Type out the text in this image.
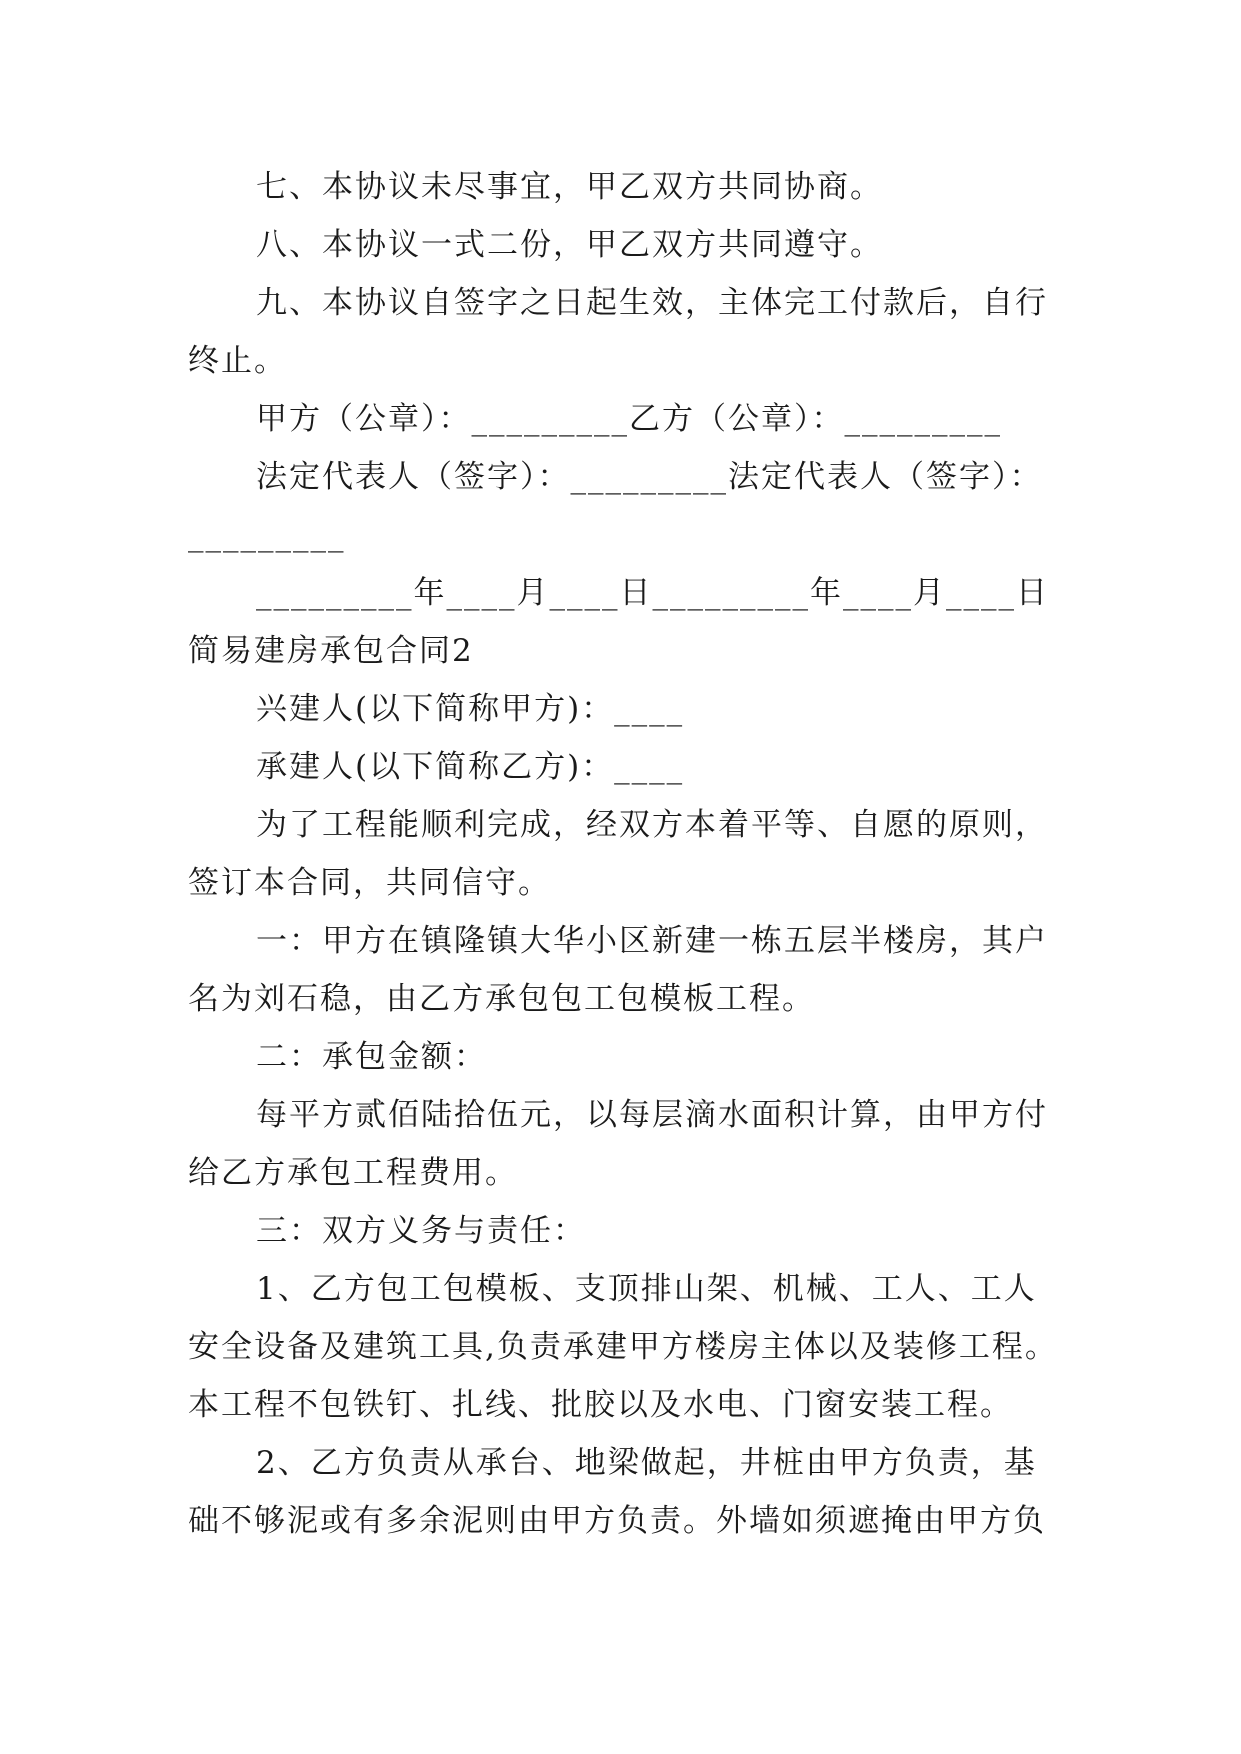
七、本协议未尽事宜，甲乙双方共同协商。
八、本协议一式二份，甲乙双方共同遵守。
九、本协议自签字之日起生效，主体完工付款后，自行
终止。
甲方（公章）：_________乙方（公章）：_________
法定代表人（签字）：_________法定代表人（签字）：
_________
_________年____月____日_________年____月____日
简易建房承包合同2
兴建人(以下简称甲方)：____
承建人(以下简称乙方)：____
为了工程能顺利完成，经双方本着平等、自愿的原则，
签订本合同，共同信守。
一：甲方在镇隆镇大华小区新建一栋五层半楼房，其户
名为刘石稳，由乙方承包包工包模板工程。
二：承包金额：
每平方贰佰陆拾伍元，以每层滴水面积计算，由甲方付
给乙方承包工程费用。
三：双方义务与责任：
1、乙方包工包模板、支顶排山架、机械、工人、工人
安全设备及建筑工具,负责承建甲方楼房主体以及装修工程。
本工程不包铁钉、扎线、批胶以及水电、门窗安装工程。
2、乙方负责从承台、地梁做起，井桩由甲方负责，基
础不够泥或有多余泥则由甲方负责。外墙如须遮掩由甲方负
